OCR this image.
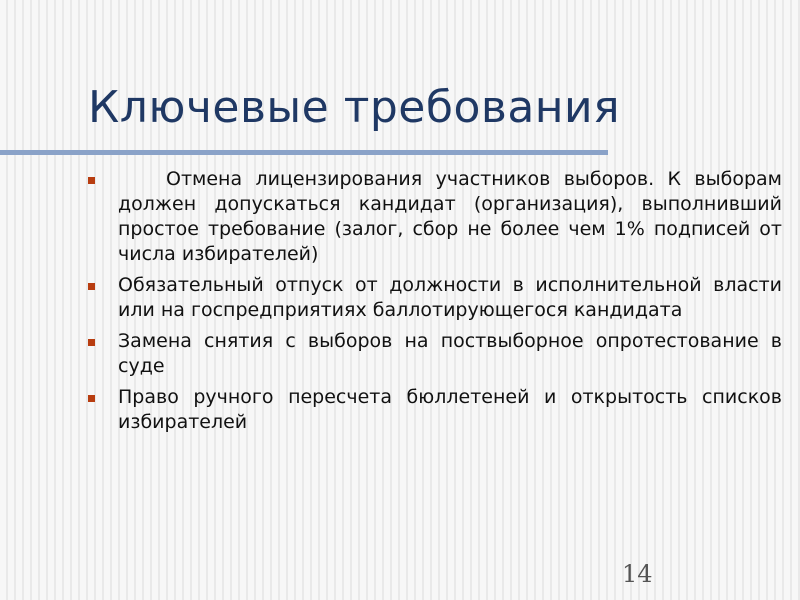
Ключевые требования
Отмена лицензирования участников выборов. К выборам должен допускаться кандидат (организация), выполнивший простое требование (залог, сбор не более чем 1% подписей от числа избирателей)
Обязательный отпуск от должности в исполнительной власти или на госпредприятиях баллотирующегося кандидата
Замена снятия с выборов на поствыборное опротестование в суде
Право ручного пересчета бюллетеней и открытость списков избирателей
14
